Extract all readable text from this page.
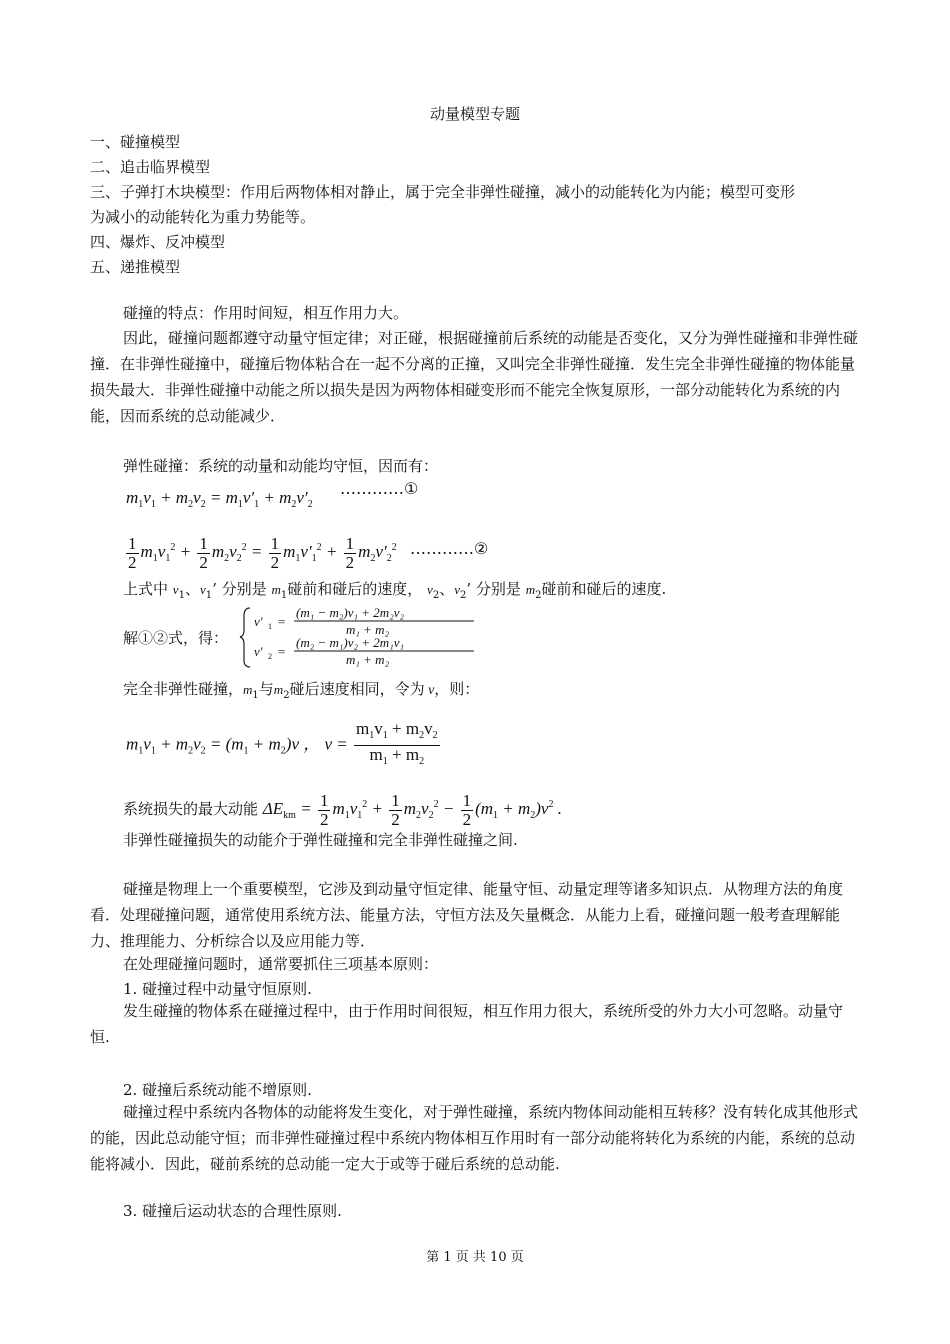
动量模型专题
一、碰撞模型
二、追击临界模型
三、子弹打木块模型：作用后两物体相对静止，属于完全非弹性碰撞，减小的动能转化为内能；模型可变形
为减小的动能转化为重力势能等。
四、爆炸、反冲模型
五、递推模型
碰撞的特点：作用时间短，相互作用力大。
因此，碰撞问题都遵守动量守恒定律；对正碰，根据碰撞前后系统的动能是否变化，又分为弹性碰撞和非弹性碰撞．在非弹性碰撞中，碰撞后物体粘合在一起不分离的正撞，又叫完全非弹性碰撞．发生完全非弹性碰撞的物体能量损失最大．非弹性碰撞中动能之所以损失是因为两物体相碰变形而不能完全恢复原形，一部分动能转化为系统的内能，因而系统的总动能减少．
弹性碰撞：系统的动量和动能均守恒，因而有：
$m_1v_1 + m_2v_2 = m_1v'_1 + m_2v'_2$
…………①
$\frac{1}{2} m_1v_1^2 + \frac{1}{2} m_2v_2^2 = \frac{1}{2} m_1v'_1^2 + \frac{1}{2} m_2v'_2^2$ …………②
上式中 $v_1$、$v_1$’ 分别是 $m_1$碰前和碰后的速度， $v_2$、$v_2$’ 分别是 $m_2$碰前和碰后的速度.
解①②式，得：
v′ 1 =
(m₁ − m₂)v₁ + 2m₂v₂
m₁ + m₂
v′ 2 =
(m₂ − m₁)v₂ + 2m₁v₁
m₁ + m₂
完全非弹性碰撞，$m_1$与$m_2$碰后速度相同，令为 v，则：
$m_1v_1 + m_2v_2 = (m_1 + m_2)v$ ， $v = \frac{m_1v_1 + m_2v_2}{m_1 + m_2}$
系统损失的最大动能 $\Delta E_{km} = \frac{1}{2} m_1v_1^2 + \frac{1}{2} m_2v_2^2 - \frac{1}{2} (m_1 + m_2)v^2$ .
非弹性碰撞损失的动能介于弹性碰撞和完全非弹性碰撞之间.
碰撞是物理上一个重要模型，它涉及到动量守恒定律、能量守恒、动量定理等诸多知识点．从物理方法的角度看．处理碰撞问题，通常使用系统方法、能量方法，守恒方法及矢量概念．从能力上看，碰撞问题一般考查理解能力、推理能力、分析综合以及应用能力等．
在处理碰撞问题时，通常要抓住三项基本原则：
1. 碰撞过程中动量守恒原则.
发生碰撞的物体系在碰撞过程中，由于作用时间很短，相互作用力很大，系统所受的外力大小可忽略。动量守恒.
2. 碰撞后系统动能不增原则.
碰撞过程中系统内各物体的动能将发生变化，对于弹性碰撞，系统内物体间动能相互转移？没有转化成其他形式的能，因此总动能守恒；而非弹性碰撞过程中系统内物体相互作用时有一部分动能将转化为系统的内能，系统的总动能将减小．因此，碰前系统的总动能一定大于或等于碰后系统的总动能.
3. 碰撞后运动状态的合理性原则.
第 1 页 共 10 页
